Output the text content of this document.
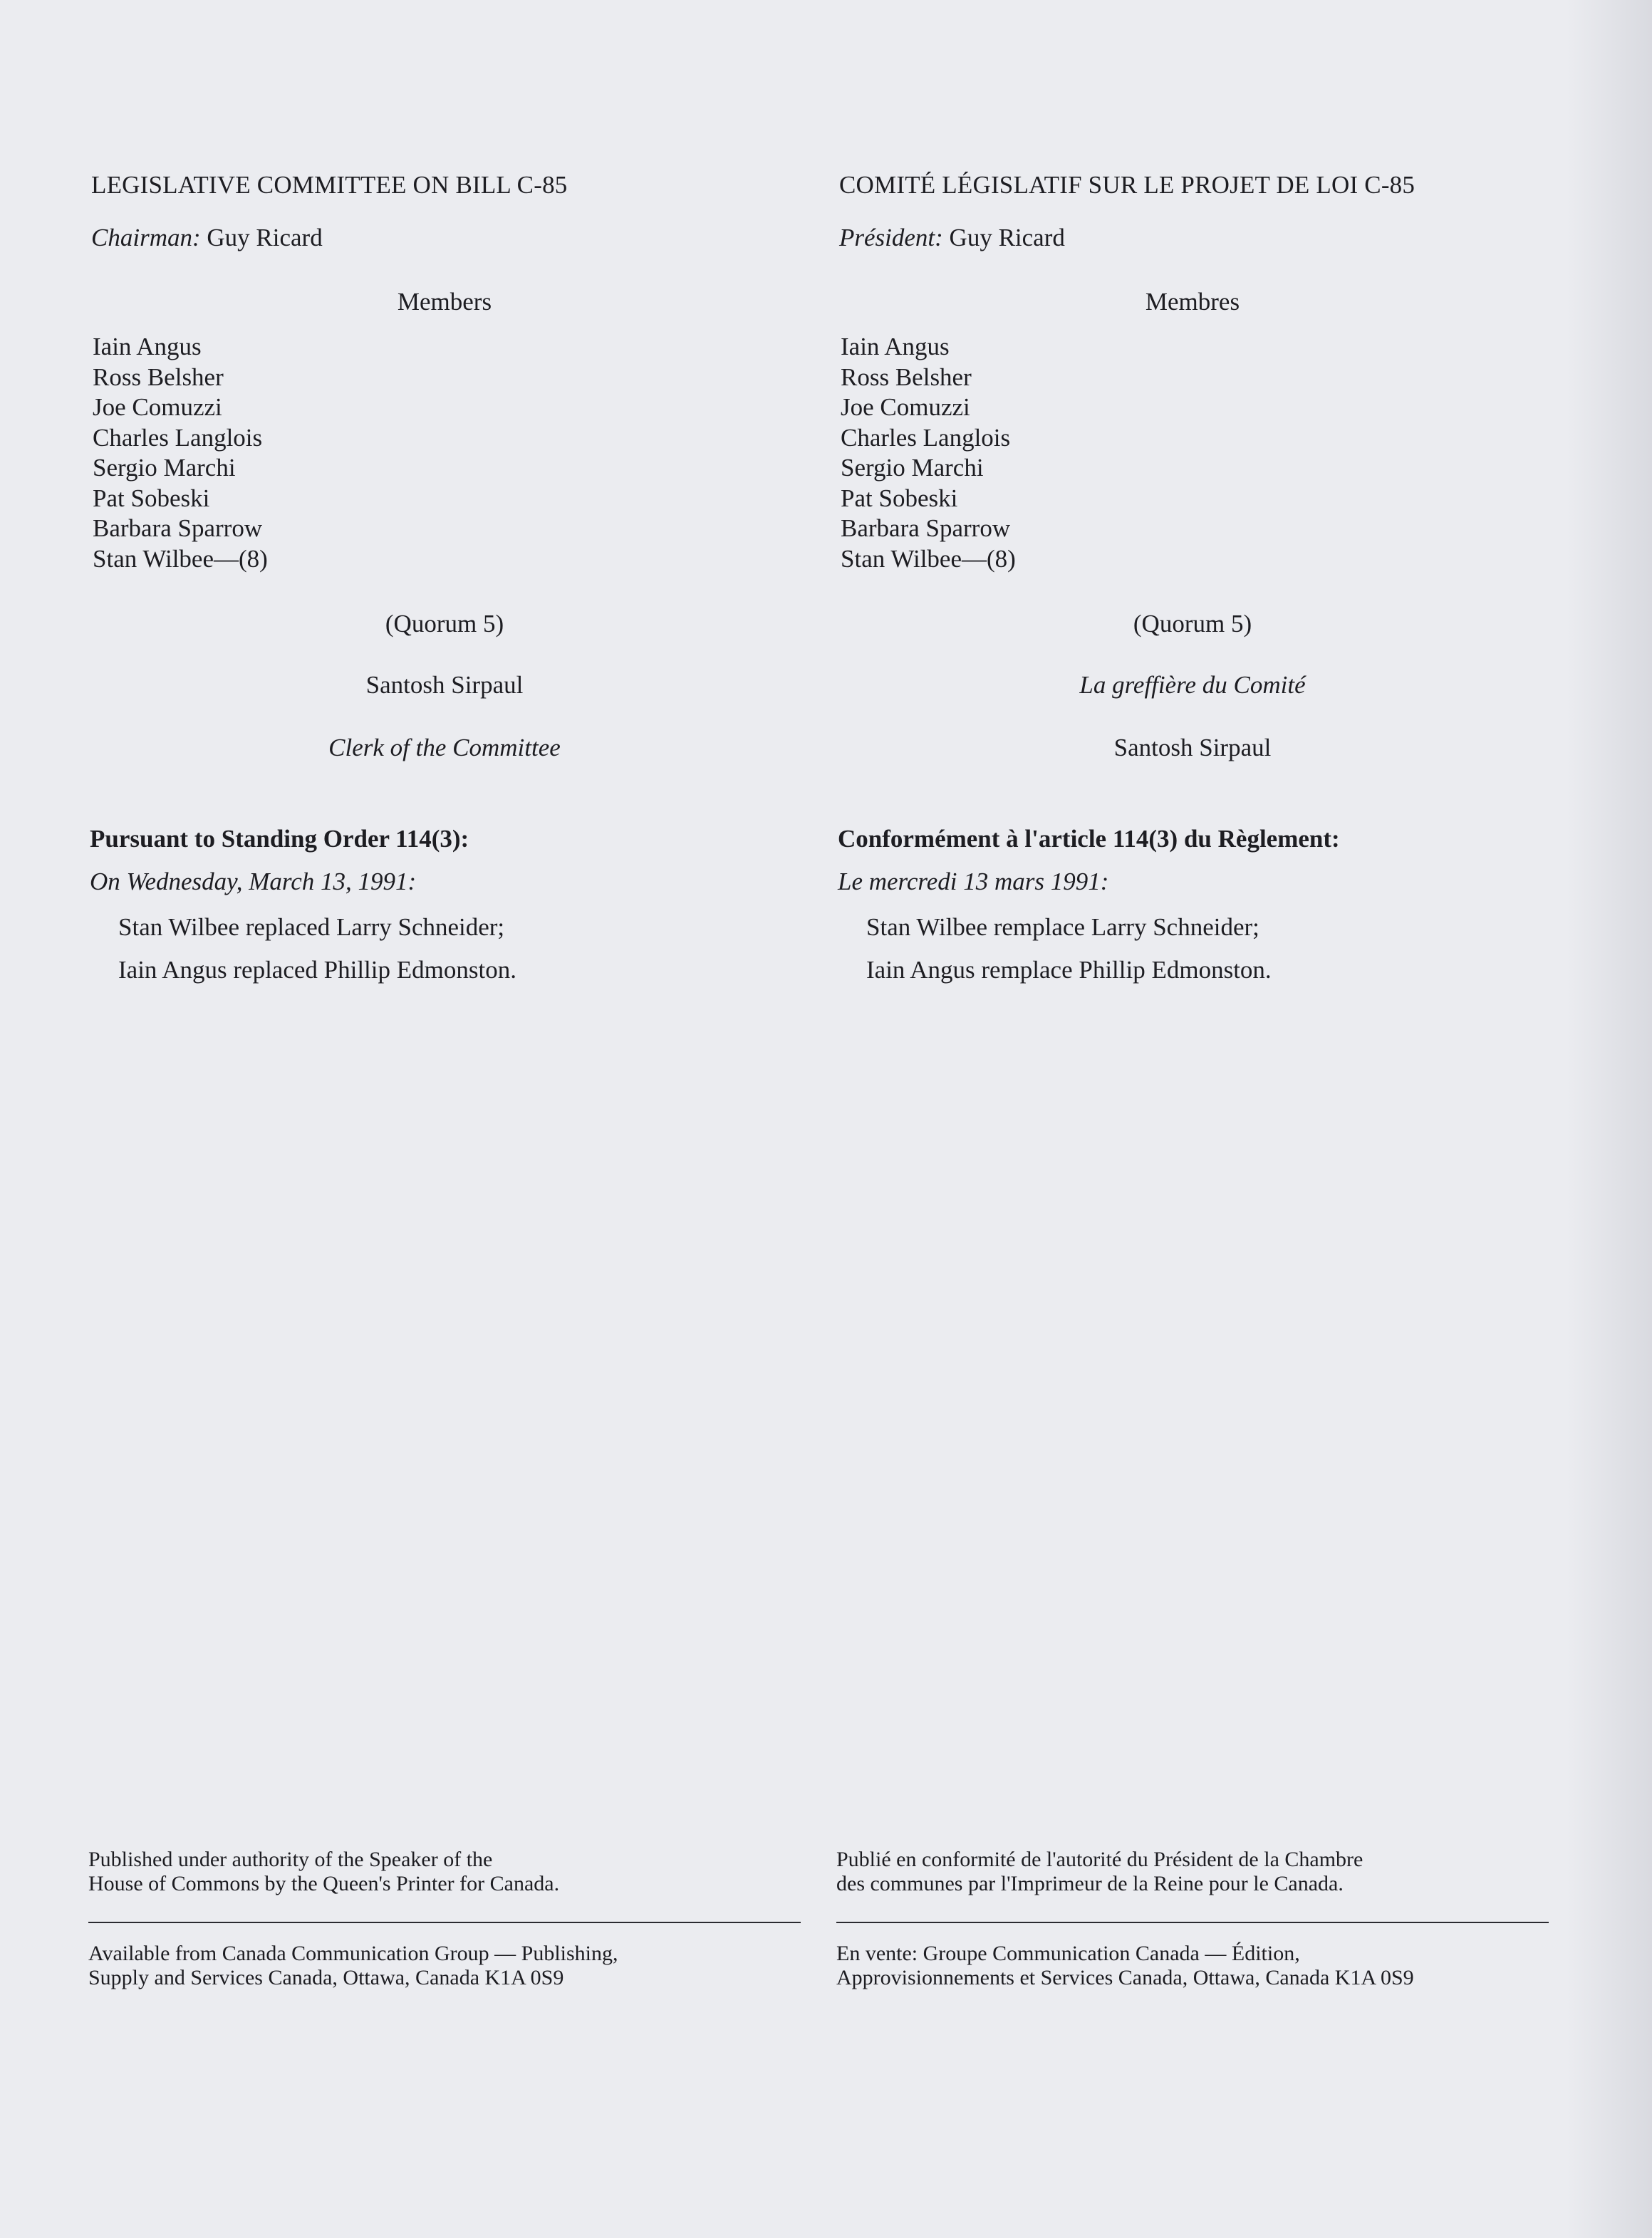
LEGISLATIVE COMMITTEE ON BILL C-85
Chairman: Guy Ricard
Members
Iain Angus
Ross Belsher
Joe Comuzzi
Charles Langlois
Sergio Marchi
Pat Sobeski
Barbara Sparrow
Stan Wilbee—(8)
(Quorum 5)
Santosh Sirpaul
Clerk of the Committee
Pursuant to Standing Order 114(3):
On Wednesday, March 13, 1991:
Stan Wilbee replaced Larry Schneider;
Iain Angus replaced Phillip Edmonston.
Published under authority of the Speaker of the
House of Commons by the Queen's Printer for Canada.
Available from Canada Communication Group — Publishing,
Supply and Services Canada, Ottawa, Canada K1A 0S9
COMITÉ LÉGISLATIF SUR LE PROJET DE LOI C-85
Président: Guy Ricard
Membres
Iain Angus
Ross Belsher
Joe Comuzzi
Charles Langlois
Sergio Marchi
Pat Sobeski
Barbara Sparrow
Stan Wilbee—(8)
(Quorum 5)
La greffière du Comité
Santosh Sirpaul
Conformément à l'article 114(3) du Règlement:
Le mercredi 13 mars 1991:
Stan Wilbee remplace Larry Schneider;
Iain Angus remplace Phillip Edmonston.
Publié en conformité de l'autorité du Président de la Chambre
des communes par l'Imprimeur de la Reine pour le Canada.
En vente: Groupe Communication Canada — Édition,
Approvisionnements et Services Canada, Ottawa, Canada K1A 0S9
